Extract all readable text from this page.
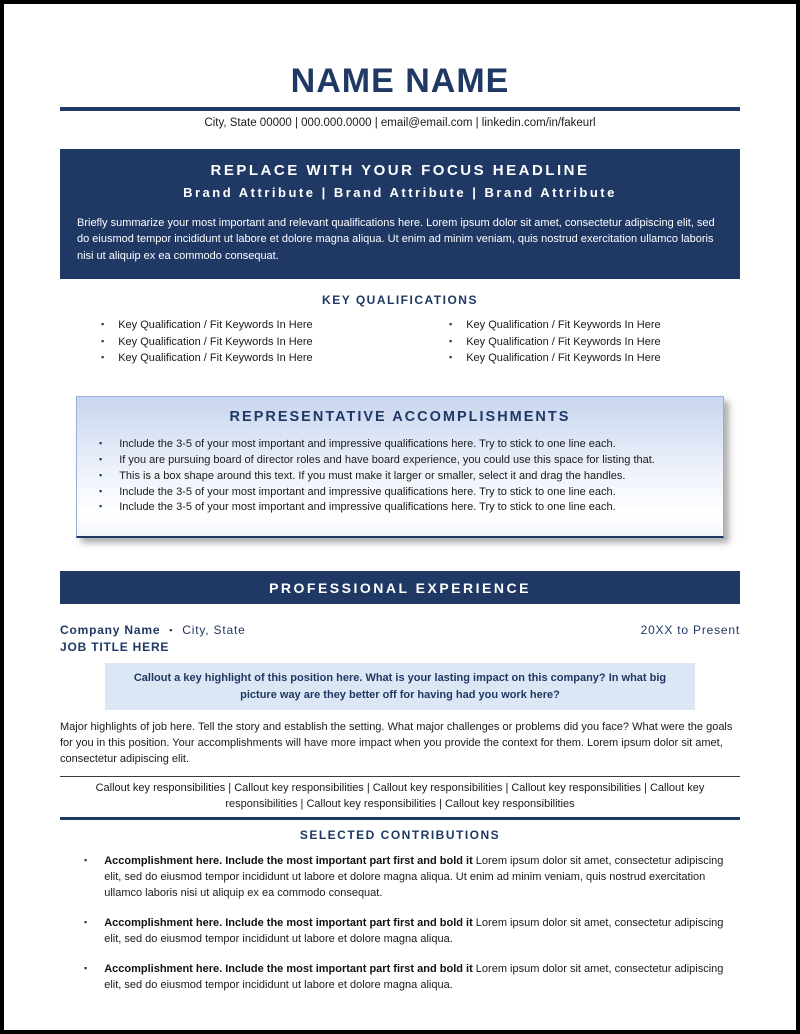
NAME NAME
City, State 00000 | 000.000.0000 | email@email.com | linkedin.com/in/fakeurl
REPLACE WITH YOUR FOCUS HEADLINE
Brand Attribute | Brand Attribute | Brand Attribute
Briefly summarize your most important and relevant qualifications here. Lorem ipsum dolor sit amet, consectetur adipiscing elit, sed do eiusmod tempor incididunt ut labore et dolore magna aliqua. Ut enim ad minim veniam, quis nostrud exercitation ullamco laboris nisi ut aliquip ex ea commodo consequat.
KEY QUALIFICATIONS
▪ Key Qualification / Fit Keywords In Here
▪ Key Qualification / Fit Keywords In Here
▪ Key Qualification / Fit Keywords In Here
▪ Key Qualification / Fit Keywords In Here
▪ Key Qualification / Fit Keywords In Here
▪ Key Qualification / Fit Keywords In Here
REPRESENTATIVE ACCOMPLISHMENTS
▪ Include the 3-5 of your most important and impressive qualifications here. Try to stick to one line each.
▪ If you are pursuing board of director roles and have board experience, you could use this space for listing that.
▪ This is a box shape around this text. If you must make it larger or smaller, select it and drag the handles.
▪ Include the 3-5 of your most important and impressive qualifications here. Try to stick to one line each.
▪ Include the 3-5 of your most important and impressive qualifications here. Try to stick to one line each.
PROFESSIONAL EXPERIENCE
Company Name ▪ City, State	20XX to Present
JOB TITLE HERE
Callout a key highlight of this position here. What is your lasting impact on this company? In what big picture way are they better off for having had you work here?

Major highlights of job here. Tell the story and establish the setting. What major challenges or problems did you face? What were the goals for you in this position. Your accomplishments will have more impact when you provide the context for them. Lorem ipsum dolor sit amet, consectetur adipiscing elit.

Callout key responsibilities | Callout key responsibilities | Callout key responsibilities | Callout key responsibilities | Callout key responsibilities | Callout key responsibilities | Callout key responsibilities
SELECTED CONTRIBUTIONS
▪ Accomplishment here. Include the most important part first and bold it Lorem ipsum dolor sit amet, consectetur adipiscing elit, sed do eiusmod tempor incididunt ut labore et dolore magna aliqua. Ut enim ad minim veniam, quis nostrud exercitation ullamco laboris nisi ut aliquip ex ea commodo consequat.
▪ Accomplishment here. Include the most important part first and bold it Lorem ipsum dolor sit amet, consectetur adipiscing elit, sed do eiusmod tempor incididunt ut labore et dolore magna aliqua.
▪ Accomplishment here. Include the most important part first and bold it Lorem ipsum dolor sit amet, consectetur adipiscing elit, sed do eiusmod tempor incididunt ut labore et dolore magna aliqua.
